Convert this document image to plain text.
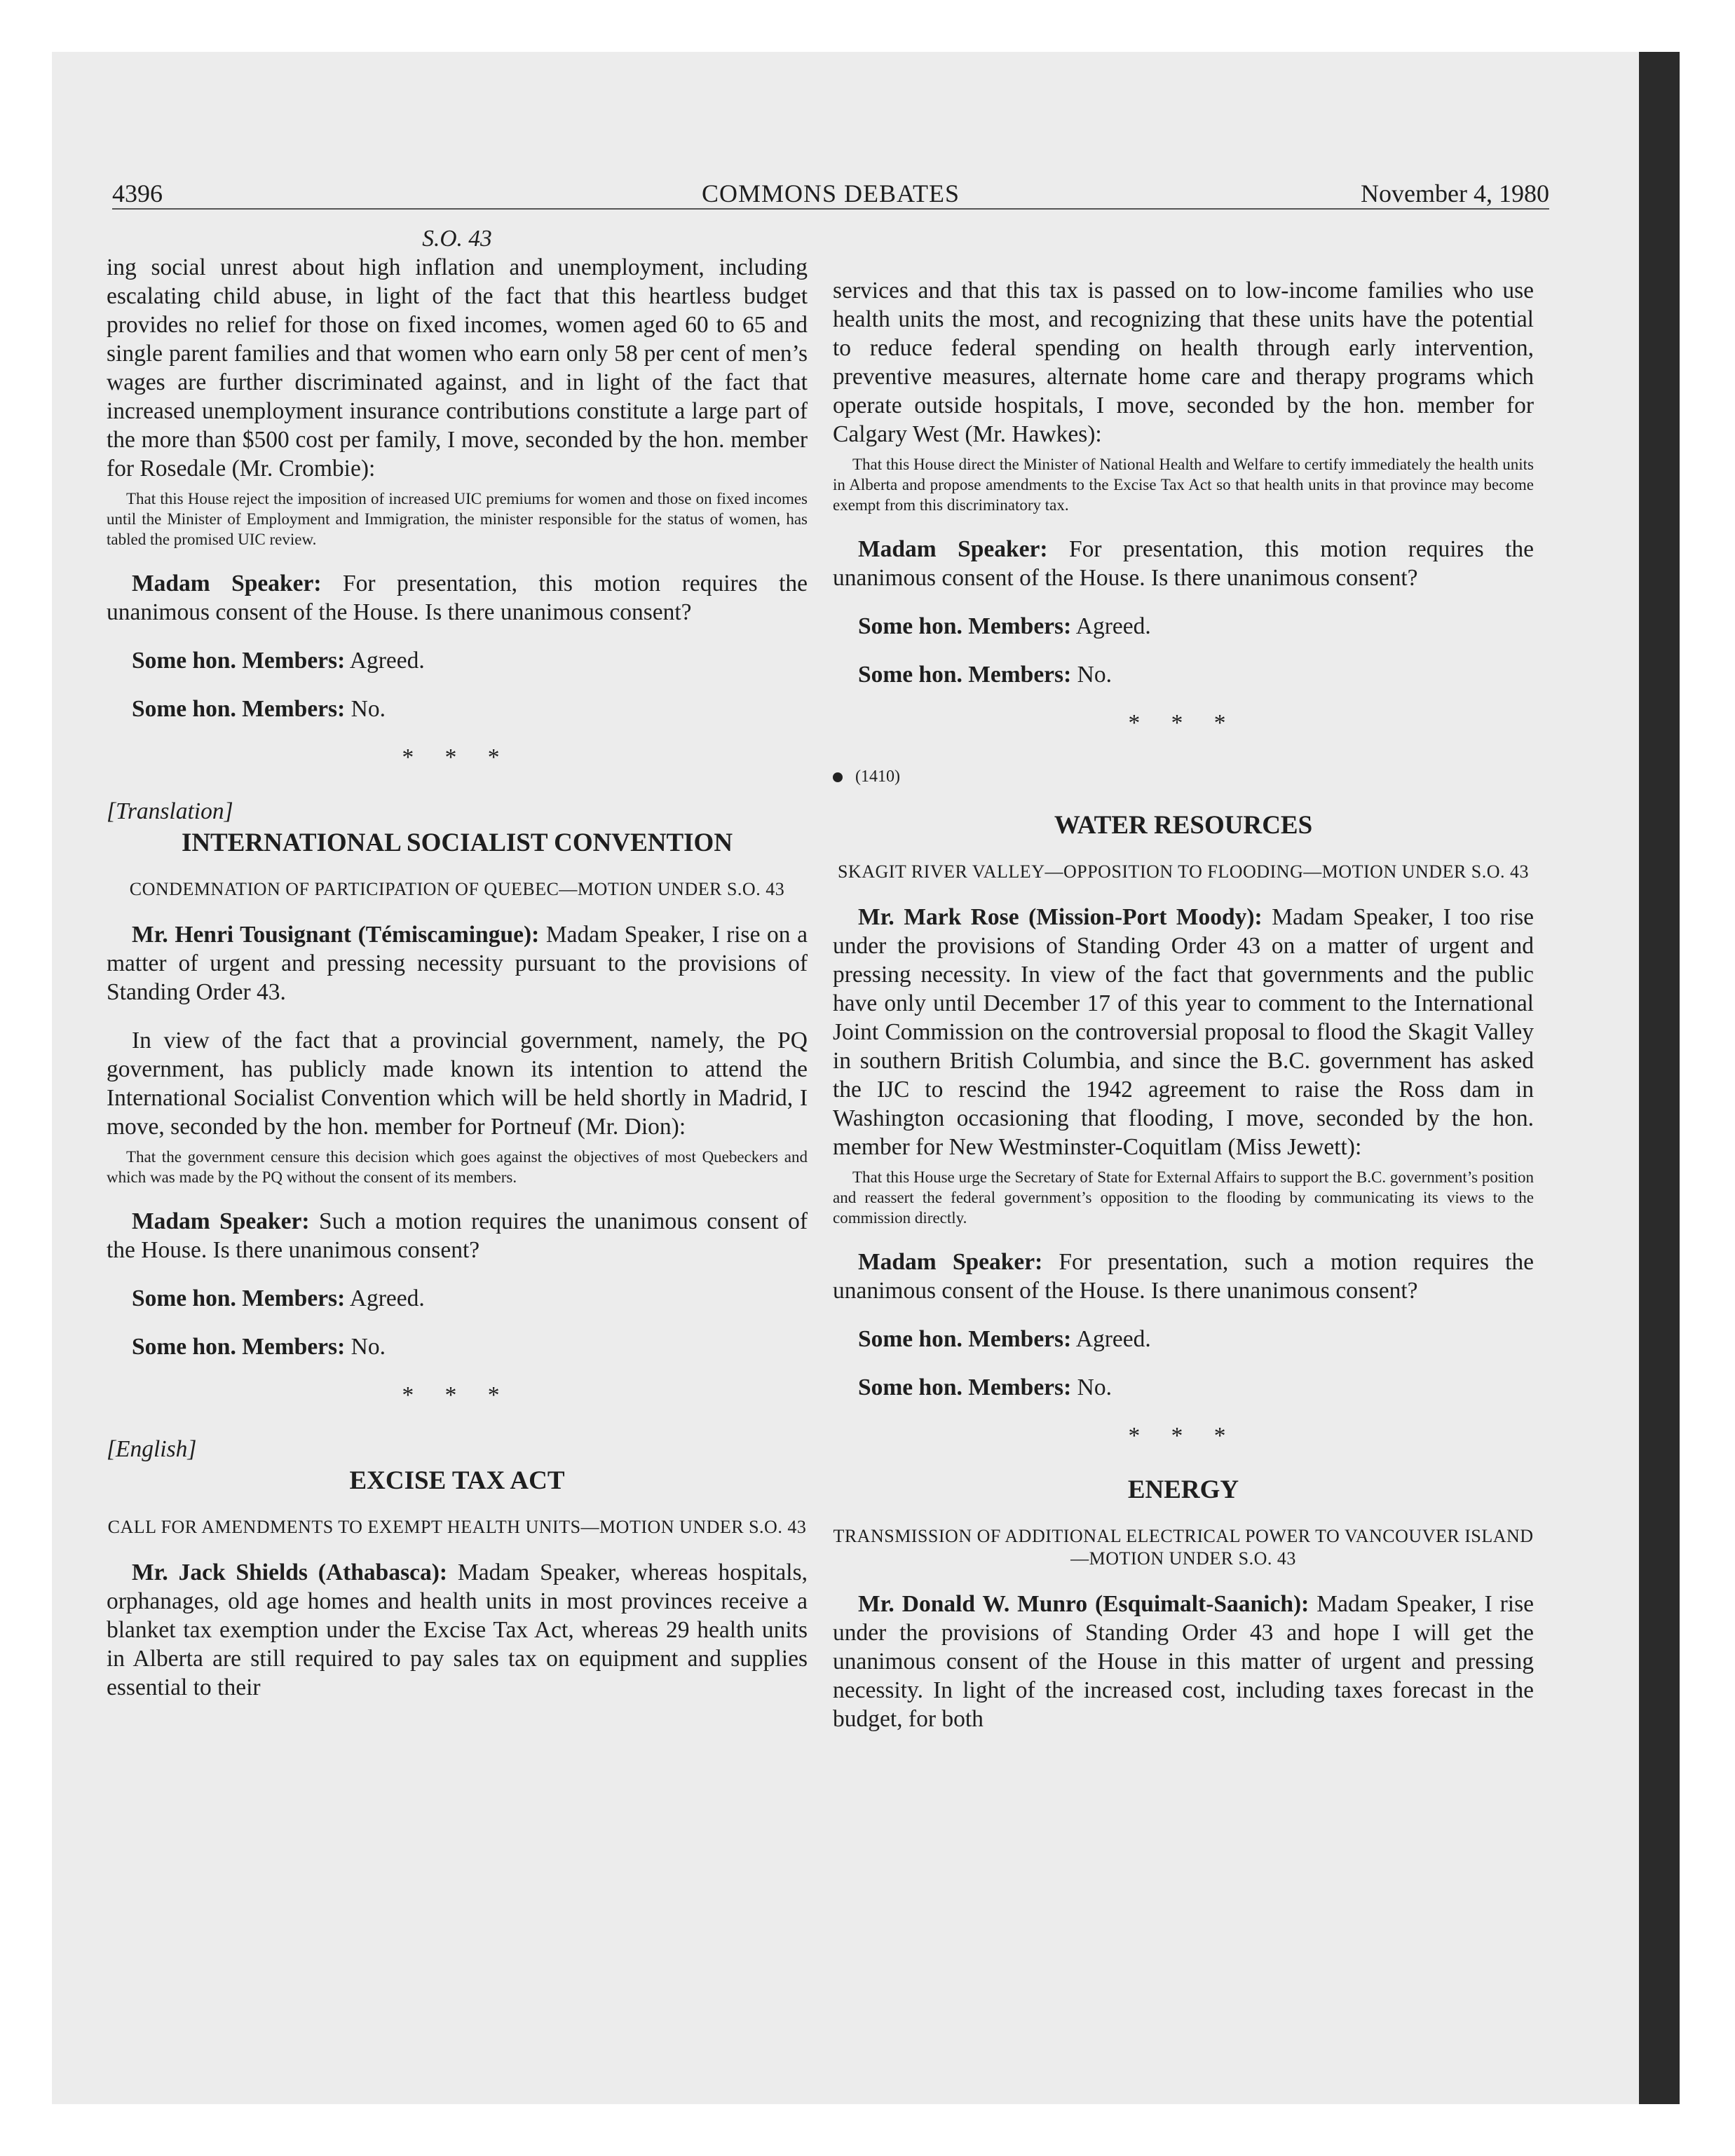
4396	COMMONS DEBATES	November 4, 1980

S.O. 43

ing social unrest about high inflation and unemployment, including escalating child abuse, in light of the fact that this heartless budget provides no relief for those on fixed incomes, women aged 60 to 65 and single parent families and that women who earn only 58 per cent of men’s wages are further discriminated against, and in light of the fact that increased unemployment insurance contributions constitute a large part of the more than $500 cost per family, I move, seconded by the hon. member for Rosedale (Mr. Crombie):

That this House reject the imposition of increased UIC premiums for women and those on fixed incomes until the Minister of Employment and Immigration, the minister responsible for the status of women, has tabled the promised UIC review.

Madam Speaker: For presentation, this motion requires the unanimous consent of the House. Is there unanimous consent?

Some hon. Members: Agreed.

Some hon. Members: No.

* * *

[Translation]

INTERNATIONAL SOCIALIST CONVENTION

CONDEMNATION OF PARTICIPATION OF QUEBEC—MOTION UNDER S.O. 43

Mr. Henri Tousignant (Témiscamingue): Madam Speaker, I rise on a matter of urgent and pressing necessity pursuant to the provisions of Standing Order 43.

In view of the fact that a provincial government, namely, the PQ government, has publicly made known its intention to attend the International Socialist Convention which will be held shortly in Madrid, I move, seconded by the hon. member for Portneuf (Mr. Dion):

That the government censure this decision which goes against the objectives of most Quebeckers and which was made by the PQ without the consent of its members.

Madam Speaker: Such a motion requires the unanimous consent of the House. Is there unanimous consent?

Some hon. Members: Agreed.

Some hon. Members: No.

* * *

[English]

EXCISE TAX ACT

CALL FOR AMENDMENTS TO EXEMPT HEALTH UNITS—MOTION UNDER S.O. 43

Mr. Jack Shields (Athabasca): Madam Speaker, whereas hospitals, orphanages, old age homes and health units in most provinces receive a blanket tax exemption under the Excise Tax Act, whereas 29 health units in Alberta are still required to pay sales tax on equipment and supplies essential to their

services and that this tax is passed on to low-income families who use health units the most, and recognizing that these units have the potential to reduce federal spending on health through early intervention, preventive measures, alternate home care and therapy programs which operate outside hospitals, I move, seconded by the hon. member for Calgary West (Mr. Hawkes):

That this House direct the Minister of National Health and Welfare to certify immediately the health units in Alberta and propose amendments to the Excise Tax Act so that health units in that province may become exempt from this discriminatory tax.

Madam Speaker: For presentation, this motion requires the unanimous consent of the House. Is there unanimous consent?

Some hon. Members: Agreed.

Some hon. Members: No.

* * *

(1410)

WATER RESOURCES

SKAGIT RIVER VALLEY—OPPOSITION TO FLOODING—MOTION UNDER S.O. 43

Mr. Mark Rose (Mission-Port Moody): Madam Speaker, I too rise under the provisions of Standing Order 43 on a matter of urgent and pressing necessity. In view of the fact that governments and the public have only until December 17 of this year to comment to the International Joint Commission on the controversial proposal to flood the Skagit Valley in southern British Columbia, and since the B.C. government has asked the IJC to rescind the 1942 agreement to raise the Ross dam in Washington occasioning that flooding, I move, seconded by the hon. member for New Westminster-Coquitlam (Miss Jewett):

That this House urge the Secretary of State for External Affairs to support the B.C. government’s position and reassert the federal government’s opposition to the flooding by communicating its views to the commission directly.

Madam Speaker: For presentation, such a motion requires the unanimous consent of the House. Is there unanimous consent?

Some hon. Members: Agreed.

Some hon. Members: No.

* * *

ENERGY

TRANSMISSION OF ADDITIONAL ELECTRICAL POWER TO VANCOUVER ISLAND—MOTION UNDER S.O. 43

Mr. Donald W. Munro (Esquimalt-Saanich): Madam Speaker, I rise under the provisions of Standing Order 43 and hope I will get the unanimous consent of the House in this matter of urgent and pressing necessity. In light of the increased cost, including taxes forecast in the budget, for both
